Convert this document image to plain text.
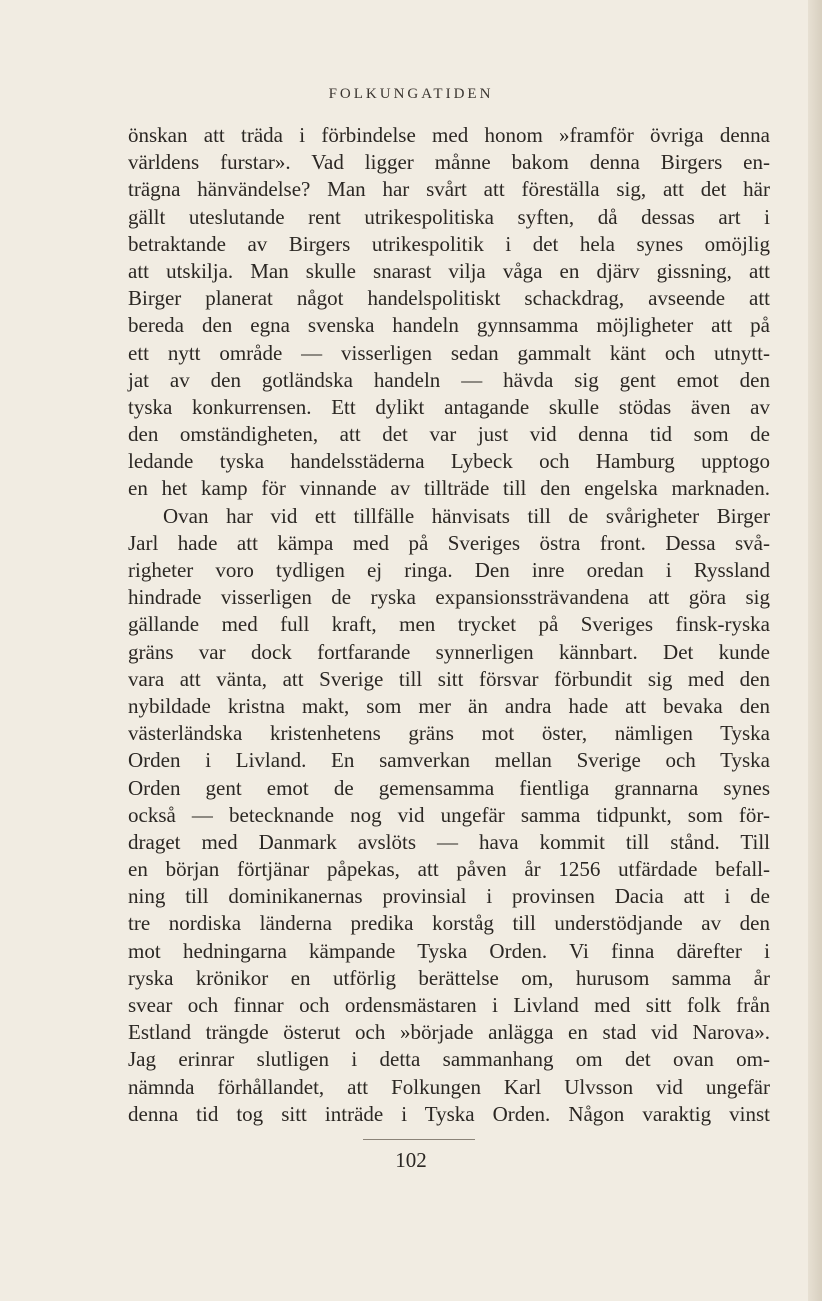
FOLKUNGATIDEN
önskan att träda i förbindelse med honom »framför övriga denna
världens furstar». Vad ligger månne bakom denna Birgers en-
trägna hänvändelse? Man har svårt att föreställa sig, att det här
gällt uteslutande rent utrikespolitiska syften, då dessas art i
betraktande av Birgers utrikespolitik i det hela synes omöjlig
att utskilja. Man skulle snarast vilja våga en djärv gissning, att
Birger planerat något handelspolitiskt schackdrag, avseende att
bereda den egna svenska handeln gynnsamma möjligheter att på
ett nytt område — visserligen sedan gammalt känt och utnytt-
jat av den gotländska handeln — hävda sig gent emot den
tyska konkurrensen. Ett dylikt antagande skulle stödas även av
den omständigheten, att det var just vid denna tid som de
ledande tyska handelsstäderna Lybeck och Hamburg upptogo
en het kamp för vinnande av tillträde till den engelska marknaden.
Ovan har vid ett tillfälle hänvisats till de svårigheter Birger
Jarl hade att kämpa med på Sveriges östra front. Dessa svå-
righeter voro tydligen ej ringa. Den inre oredan i Ryssland
hindrade visserligen de ryska expansionssträvandena att göra sig
gällande med full kraft, men trycket på Sveriges finsk-ryska
gräns var dock fortfarande synnerligen kännbart. Det kunde
vara att vänta, att Sverige till sitt försvar förbundit sig med den
nybildade kristna makt, som mer än andra hade att bevaka den
västerländska kristenhetens gräns mot öster, nämligen Tyska
Orden i Livland. En samverkan mellan Sverige och Tyska
Orden gent emot de gemensamma fientliga grannarna synes
också — betecknande nog vid ungefär samma tidpunkt, som för-
draget med Danmark avslöts — hava kommit till stånd. Till
en början förtjänar påpekas, att påven år 1256 utfärdade befall-
ning till dominikanernas provinsial i provinsen Dacia att i de
tre nordiska länderna predika korståg till understödjande av den
mot hedningarna kämpande Tyska Orden. Vi finna därefter i
ryska krönikor en utförlig berättelse om, hurusom samma år
svear och finnar och ordensmästaren i Livland med sitt folk från
Estland trängde österut och »började anlägga en stad vid Narova».
Jag erinrar slutligen i detta sammanhang om det ovan om-
nämnda förhållandet, att Folkungen Karl Ulvsson vid ungefär
denna tid tog sitt inträde i Tyska Orden. Någon varaktig vinst
102
